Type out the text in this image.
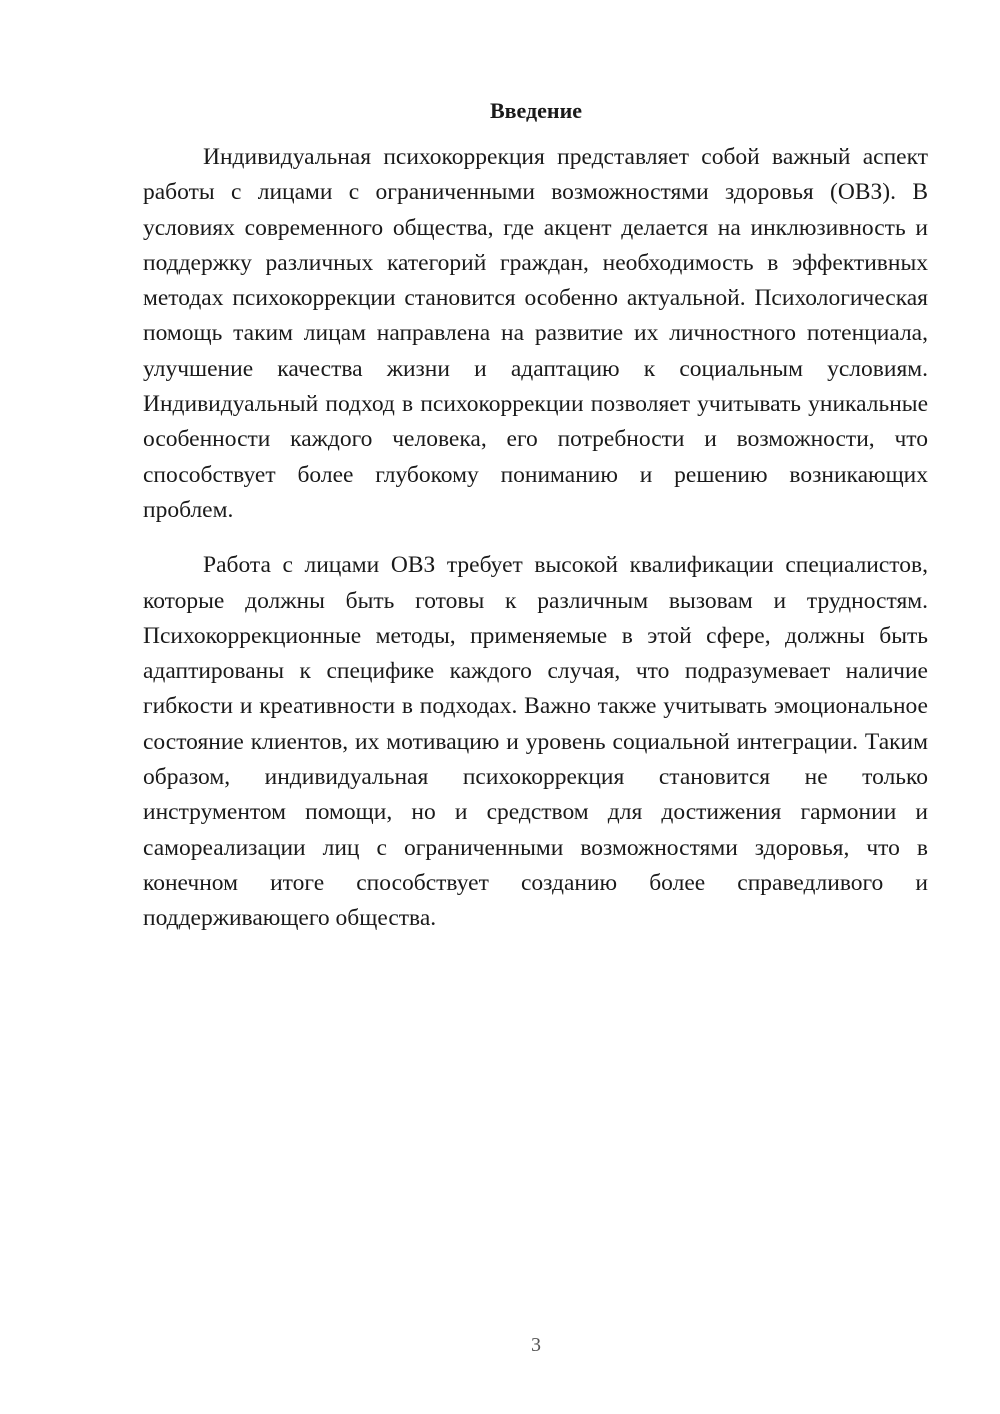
Введение

Индивидуальная психокоррекция представляет собой важный аспект работы с лицами с ограниченными возможностями здоровья (ОВЗ). В условиях современного общества, где акцент делается на инклюзивность и поддержку различных категорий граждан, необходимость в эффективных методах психокоррекции становится особенно актуальной. Психологическая помощь таким лицам направлена на развитие их личностного потенциала, улучшение качества жизни и адаптацию к социальным условиям. Индивидуальный подход в психокоррекции позволяет учитывать уникальные особенности каждого человека, его потребности и возможности, что способствует более глубокому пониманию и решению возникающих проблем.

Работа с лицами ОВЗ требует высокой квалификации специалистов, которые должны быть готовы к различным вызовам и трудностям. Психокоррекционные методы, применяемые в этой сфере, должны быть адаптированы к специфике каждого случая, что подразумевает наличие гибкости и креативности в подходах. Важно также учитывать эмоциональное состояние клиентов, их мотивацию и уровень социальной интеграции. Таким образом, индивидуальная психокоррекция становится не только инструментом помощи, но и средством для достижения гармонии и самореализации лиц с ограниченными возможностями здоровья, что в конечном итоге способствует созданию более справедливого и поддерживающего общества.

3
